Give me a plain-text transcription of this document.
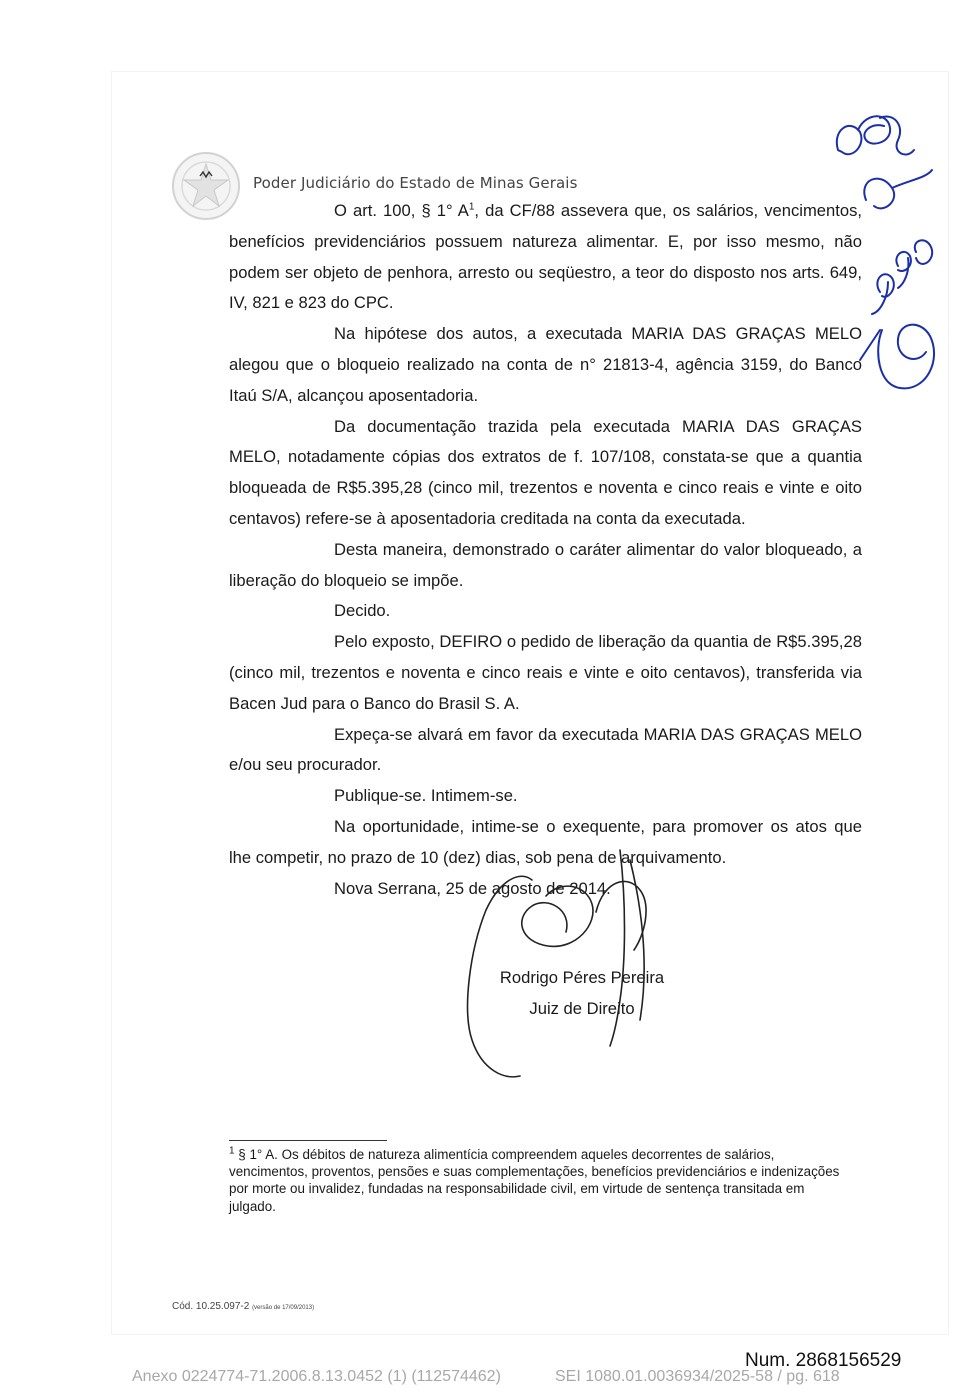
Poder Judiciário do Estado de Minas Gerais

O art. 100, § 1° $A^1$, da CF/88 assevera que, os salários, vencimentos, benefícios previdenciários possuem natureza alimentar. E, por isso mesmo, não podem ser objeto de penhora, arresto ou seqüestro, a teor do disposto nos arts. 649, IV, 821 e 823 do CPC.

Na hipótese dos autos, a executada MARIA DAS GRAÇAS MELO alegou que o bloqueio realizado na conta de n° 21813-4, agência 3159, do Banco Itaú S/A, alcançou aposentadoria.

Da documentação trazida pela executada MARIA DAS GRAÇAS MELO, notadamente cópias dos extratos de f. 107/108, constata-se que a quantia bloqueada de R$5.395,28 (cinco mil, trezentos e noventa e cinco reais e vinte e oito centavos) refere-se à aposentadoria creditada na conta da executada.

Desta maneira, demonstrado o caráter alimentar do valor bloqueado, a liberação do bloqueio se impõe.

Decido.

Pelo exposto, DEFIRO o pedido de liberação da quantia de R$5.395,28 (cinco mil, trezentos e noventa e cinco reais e vinte e oito centavos), transferida via Bacen Jud para o Banco do Brasil S. A.

Expeça-se alvará em favor da executada MARIA DAS GRAÇAS MELO e/ou seu procurador.

Publique-se. Intimem-se.

Na oportunidade, intime-se o exequente, para promover os atos que lhe competir, no prazo de 10 (dez) dias, sob pena de arquivamento.

Nova Serrana, 25 de agosto de 2014.

Rodrigo Péres Pereira
Juiz de Direito
$^1$ § 1° A. Os débitos de natureza alimentícia compreendem aqueles decorrentes de salários, vencimentos, proventos, pensões e suas complementações, benefícios previdenciários e indenizações por morte ou invalidez, fundadas na responsabilidade civil, em virtude de sentença transitada em julgado.
Cód. 10.25.097-2 (versão de 17/09/2013)
Num. 2868156529
Anexo 0224774-71.2006.8.13.0452 (1) (112574462)	SEI 1080.01.0036934/2025-58 / pg. 618
